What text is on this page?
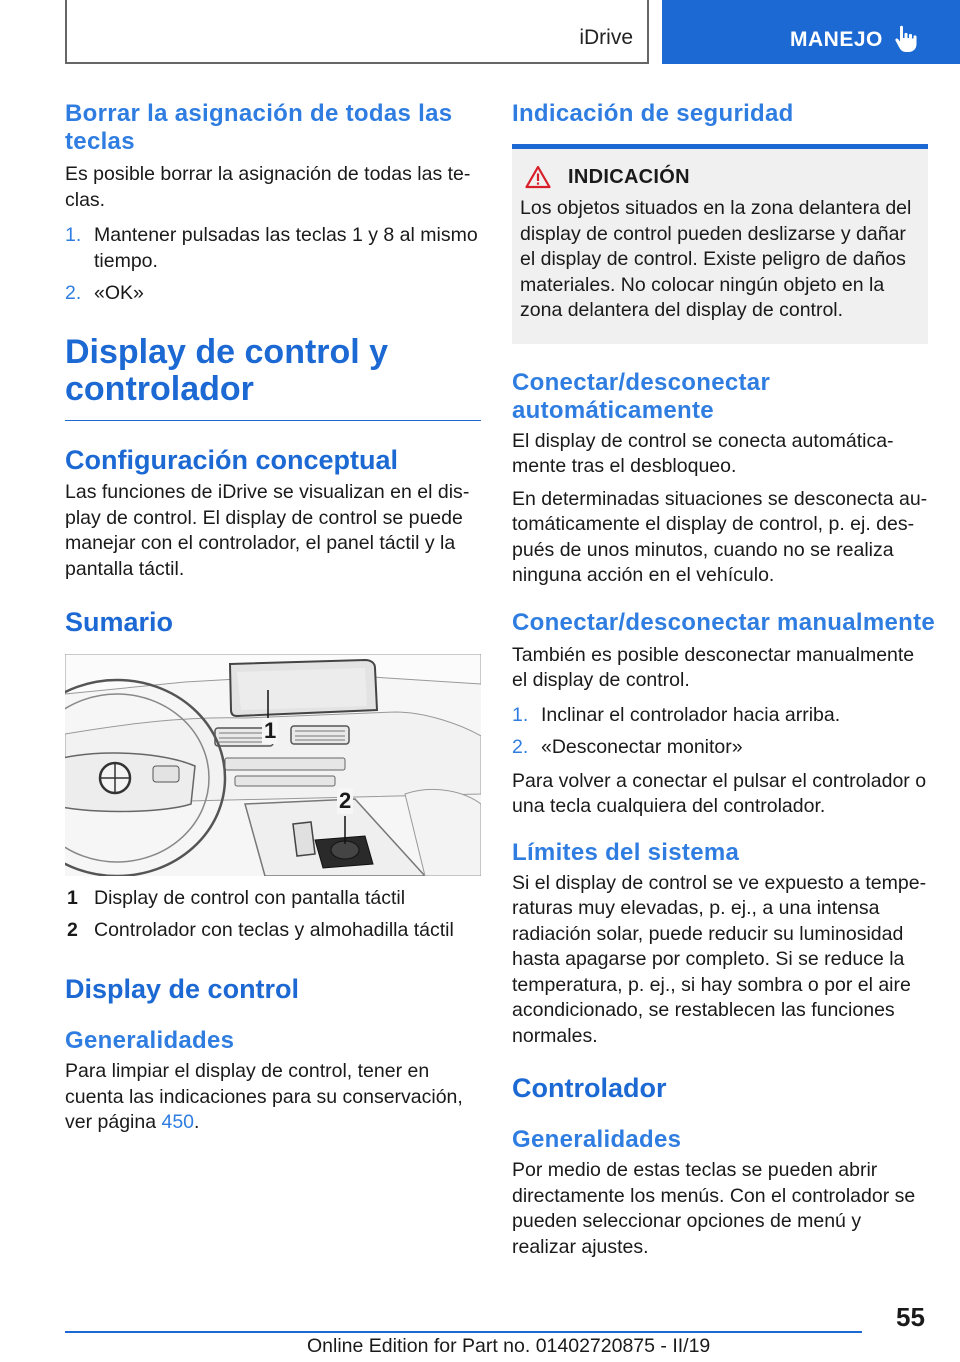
iDrive	MANEJO
Borrar la asignación de todas las teclas

Es posible borrar la asignación de todas las teclas.

1. Mantener pulsadas las teclas 1 y 8 al mismo tiempo.
2. «OK»
Display de control y controlador
Configuración conceptual

Las funciones de iDrive se visualizan en el display de control. El display de control se puede manejar con el controlador, el panel táctil y la pantalla táctil.

Sumario
1
2
1 Display de control con pantalla táctil
2 Controlador con teclas y almohadilla táctil
Display de control
Generalidades

Para limpiar el display de control, tener en cuenta las indicaciones para su conservación, ver página 450.

Indicación de seguridad
INDICACIÓN

Los objetos situados en la zona delantera del display de control pueden deslizarse y dañar el display de control. Existe peligro de daños materiales. No colocar ningún objeto en la zona delantera del display de control.

Conectar/desconectar automáticamente

El display de control se conecta automáticamente tras el desbloqueo.

En determinadas situaciones se desconecta automáticamente el display de control, p. ej. después de unos minutos, cuando no se realiza ninguna acción en el vehículo.

Conectar/desconectar manualmente

También es posible desconectar manualmente el display de control.

1. Inclinar el controlador hacia arriba.
2. «Desconectar monitor»

Para volver a conectar el pulsar el controlador o una tecla cualquiera del controlador.

Límites del sistema

Si el display de control se ve expuesto a temperaturas muy elevadas, p. ej., a una intensa radiación solar, puede reducir su luminosidad hasta apagarse por completo. Si se reduce la temperatura, p. ej., si hay sombra o por el aire acondicionado, se restablecen las funciones normales.

Controlador
Generalidades

Por medio de estas teclas se pueden abrir directamente los menús. Con el controlador se pueden seleccionar opciones de menú y realizar ajustes.

55
Online Edition for Part no. 01402720875 - II/19
